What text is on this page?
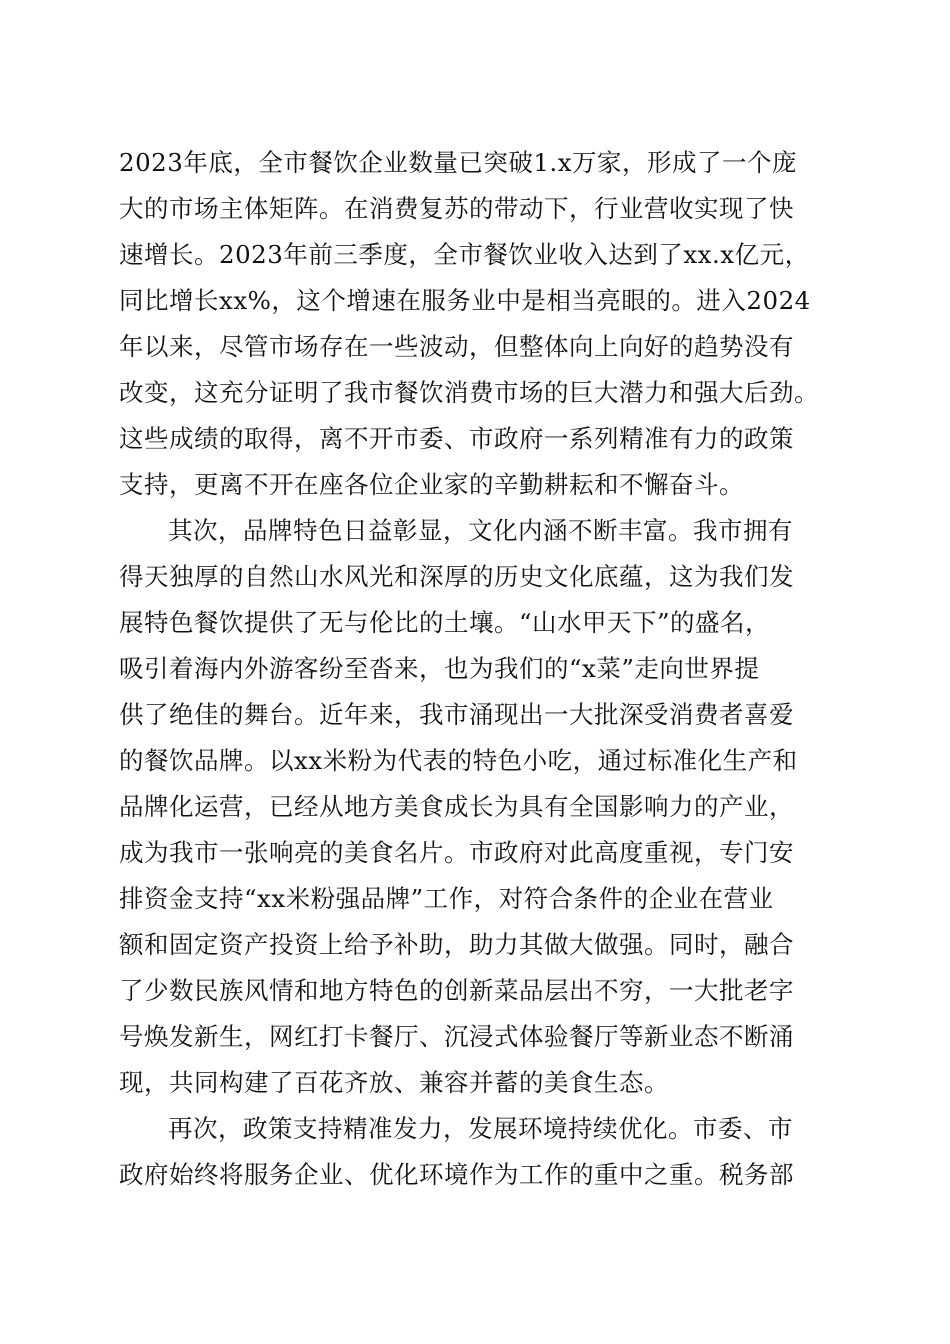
2023年底，全市餐饮企业数量已突破1.x万家，形成了一个庞
大的市场主体矩阵。在消费复苏的带动下，行业营收实现了快
速增长。2023年前三季度，全市餐饮业收入达到了xx.x亿元，
同比增长xx%，这个增速在服务业中是相当亮眼的。进入2024
年以来，尽管市场存在一些波动，但整体向上向好的趋势没有
改变，这充分证明了我市餐饮消费市场的巨大潜力和强大后劲。
这些成绩的取得，离不开市委、市政府一系列精准有力的政策
支持，更离不开在座各位企业家的辛勤耕耘和不懈奋斗。
其次，品牌特色日益彰显，文化内涵不断丰富。我市拥有
得天独厚的自然山水风光和深厚的历史文化底蕴，这为我们发
展特色餐饮提供了无与伦比的土壤。“山水甲天下”的盛名，
吸引着海内外游客纷至沓来，也为我们的“x菜”走向世界提
供了绝佳的舞台。近年来，我市涌现出一大批深受消费者喜爱
的餐饮品牌。以xx米粉为代表的特色小吃，通过标准化生产和
品牌化运营，已经从地方美食成长为具有全国影响力的产业，
成为我市一张响亮的美食名片。市政府对此高度重视，专门安
排资金支持“xx米粉强品牌”工作，对符合条件的企业在营业
额和固定资产投资上给予补助，助力其做大做强。同时，融合
了少数民族风情和地方特色的创新菜品层出不穷，一大批老字
号焕发新生，网红打卡餐厅、沉浸式体验餐厅等新业态不断涌
现，共同构建了百花齐放、兼容并蓄的美食生态。
再次，政策支持精准发力，发展环境持续优化。市委、市
政府始终将服务企业、优化环境作为工作的重中之重。税务部
